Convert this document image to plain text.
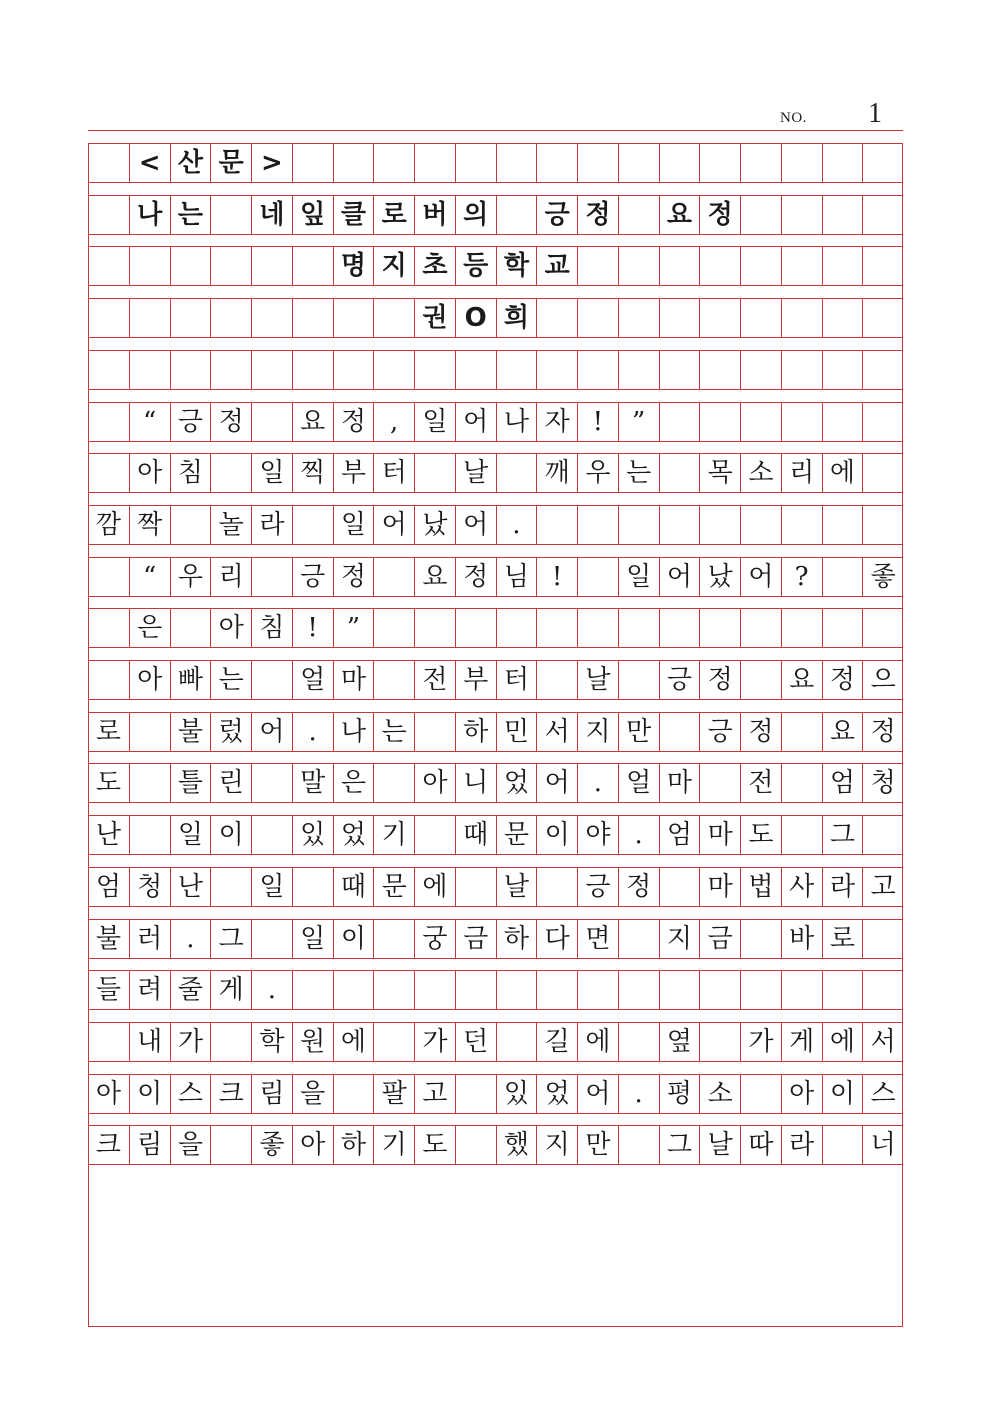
NO. 1
< 산 문 >
나 는	네 잎 클 로 버 의	긍 정	요 정
명 지 초 등 학 교
권 O 희
“ 긍 정	요 정 , 일 어 나 자 !	”
아 침	일 찍 부 터	날	깨 우 는	목 소 리 에
깜 짝	놀 라	일 어 났 어 .
“ 우 리	긍 정	요 정 님 !	일 어 났 어 ?	좋
은	아 침 !	”
아 빠 는	얼 마	전 부 터	날	긍 정	요 정 으
로	불 렀 어 . 나 는	하 민 서 지 만	긍 정	요 정
도	틀 린	말 은	아 니 었 어 . 얼 마	전	엄 청
난	일 이	있 었 기	때 문 이 야 . 엄 마 도	그
엄 청 난	일	때 문 에	날	긍 정	마 법 사 라 고
불 러 . 그	일 이	궁 금 하 다 면	지 금	바 로
들 려 줄 게 .
내 가	학 원 에	가 던	길 에	옆	가 게 에 서
아 이 스 크 림 을	팔 고	있 었 어 . 평 소	아 이 스
크 림 을	좋 아 하 기 도	했 지 만	그 날 따 라	너
